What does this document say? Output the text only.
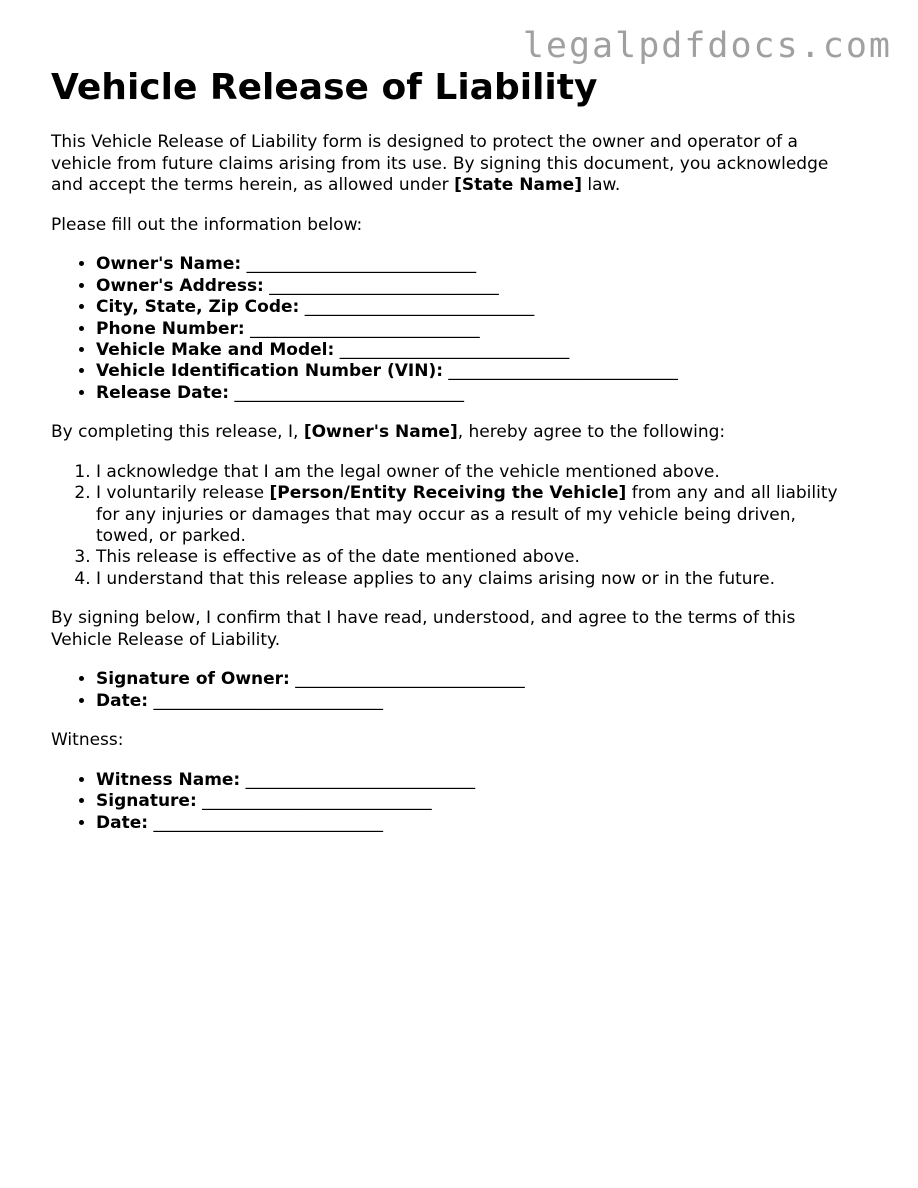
legalpdfdocs.com
Vehicle Release of Liability

This Vehicle Release of Liability form is designed to protect the owner and operator of a vehicle from future claims arising from its use. By signing this document, you acknowledge and accept the terms herein, as allowed under [State Name] law.

Please fill out the information below:

• Owner's Name: ___________________________
• Owner's Address: ___________________________
• City, State, Zip Code: ___________________________
• Phone Number: ___________________________
• Vehicle Make and Model: ___________________________
• Vehicle Identification Number (VIN): ___________________________
• Release Date: ___________________________

By completing this release, I, [Owner's Name], hereby agree to the following:

1. I acknowledge that I am the legal owner of the vehicle mentioned above.
2. I voluntarily release [Person/Entity Receiving the Vehicle] from any and all liability for any injuries or damages that may occur as a result of my vehicle being driven, towed, or parked.
3. This release is effective as of the date mentioned above.
4. I understand that this release applies to any claims arising now or in the future.

By signing below, I confirm that I have read, understood, and agree to the terms of this Vehicle Release of Liability.

• Signature of Owner: ___________________________
• Date: ___________________________

Witness:

• Witness Name: ___________________________
• Signature: ___________________________
• Date: ___________________________
